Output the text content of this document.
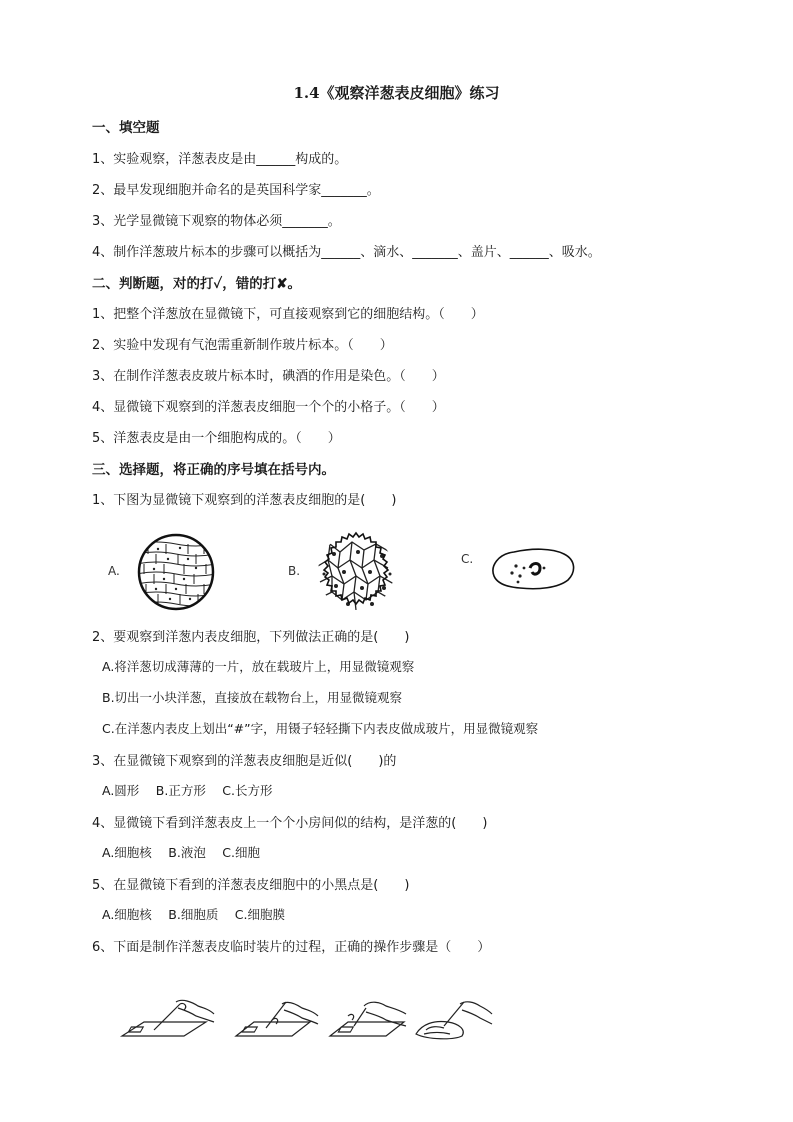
1.4《观察洋葱表皮细胞》练习
一、填空题
1、实验观察，洋葱表皮是由______构成的。
2、最早发现细胞并命名的是英国科学家_______。
3、光学显微镜下观察的物体必须_______。
4、制作洋葱玻片标本的步骤可以概括为______、滴水、_______、盖片、______、吸水。
二、判断题，对的打✓，错的打✘。
1、把整个洋葱放在显微镜下，可直接观察到它的细胞结构。（　　）
2、实验中发现有气泡需重新制作玻片标本。（　　）
3、在制作洋葱表皮玻片标本时，碘酒的作用是染色。（　　）
4、显微镜下观察到的洋葱表皮细胞一个个的小格子。（　　）
5、洋葱表皮是由一个细胞构成的。（　　）
三、选择题，将正确的序号填在括号内。
1、下图为显微镜下观察到的洋葱表皮细胞的是(　　)
A.	B.
C.
2、要观察到洋葱内表皮细胞，下列做法正确的是(　　)
A.将洋葱切成薄薄的一片，放在载玻片上，用显微镜观察
B.切出一小块洋葱，直接放在载物台上，用显微镜观察
C.在洋葱内表皮上划出“#”字，用镊子轻轻撕下内表皮做成玻片，用显微镜观察
3、在显微镜下观察到的洋葱表皮细胞是近似(　　)的
A.圆形　 B.正方形　 C.长方形
4、显微镜下看到洋葱表皮上一个个小房间似的结构，是洋葱的(　　)
A.细胞核　 B.液泡　 C.细胞
5、在显微镜下看到的洋葱表皮细胞中的小黑点是(　　)
A.细胞核　 B.细胞质　 C.细胞膜
6、下面是制作洋葱表皮临时装片的过程，正确的操作步骤是（　　）
